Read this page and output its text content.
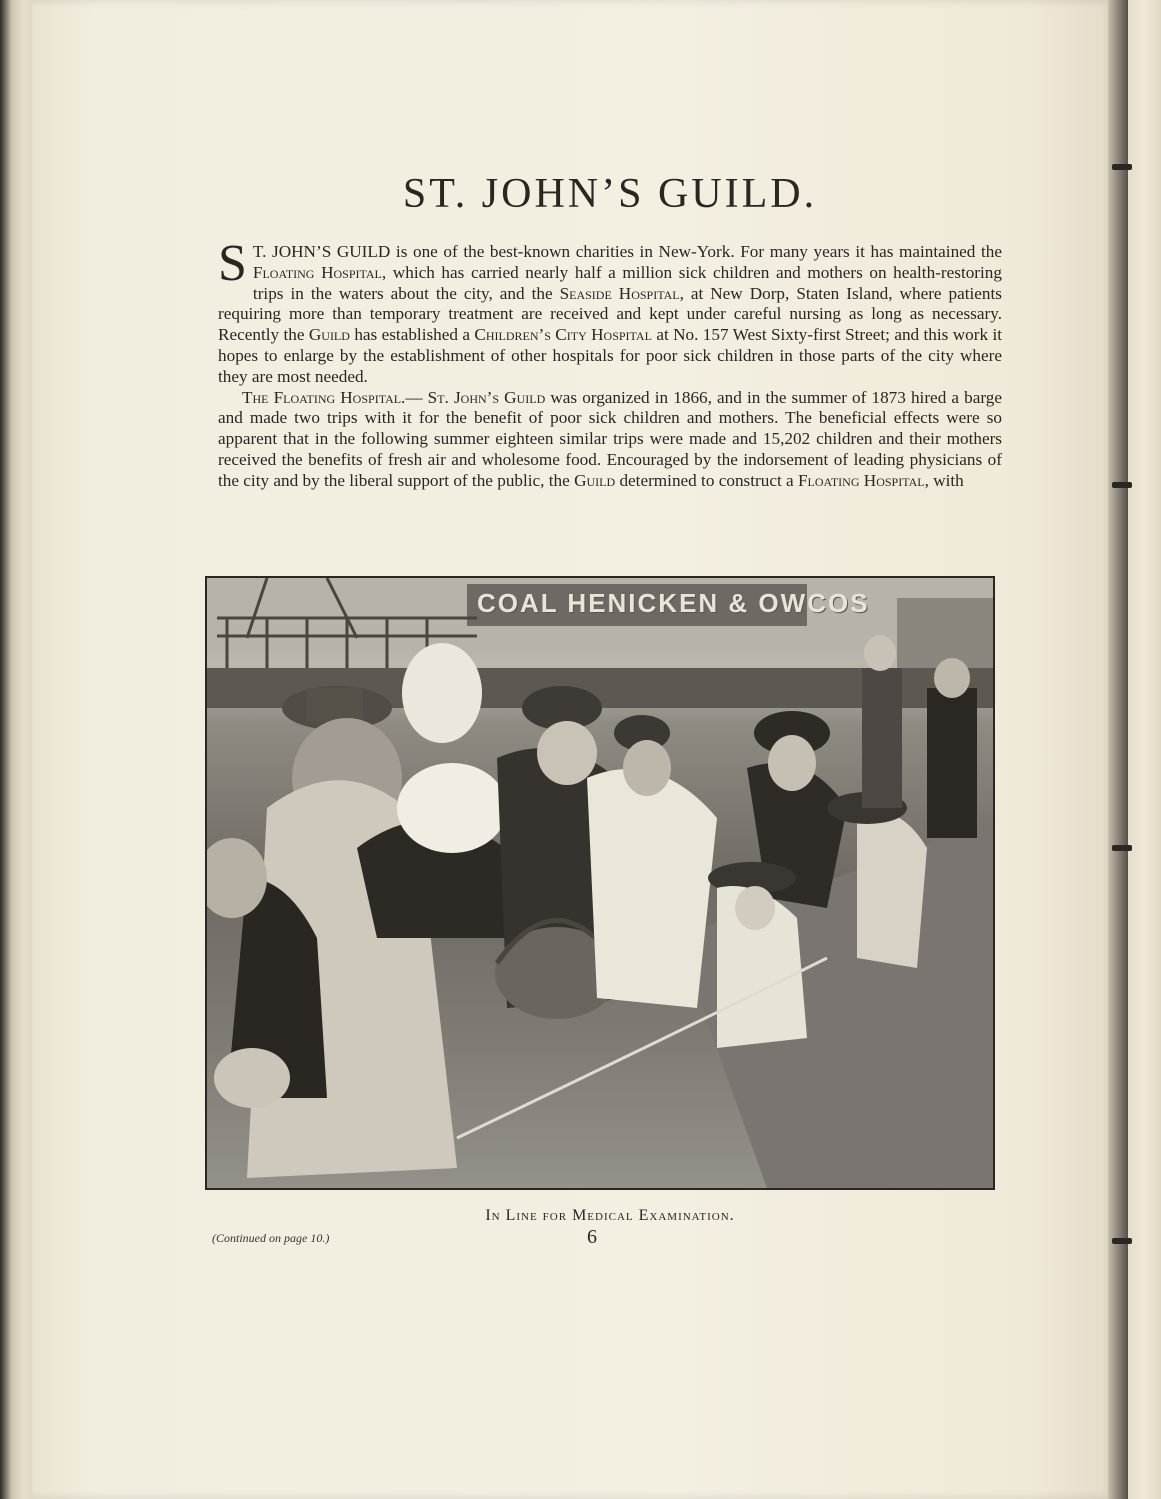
ST. JOHN’S GUILD.

S T. JOHN’S GUILD is one of the best-known charities in New-York. For many years it has maintained the Floating Hospital, which has carried nearly half a million sick children and mothers on health-restoring trips in the waters about the city, and the Seaside Hospital, at New Dorp, Staten Island, where patients requiring more than temporary treatment are received and kept under careful nursing as long as necessary. Recently the Guild has established a Children’s City Hospital at No. 157 West Sixty-first Street; and this work it hopes to enlarge by the establishment of other hospitals for poor sick children in those parts of the city where they are most needed.

The Floating Hospital.— St. John’s Guild was organized in 1866, and in the summer of 1873 hired a barge and made two trips with it for the benefit of poor sick children and mothers. The beneficial effects were so apparent that in the following summer eighteen similar trips were made and 15,202 children and their mothers received the benefits of fresh air and wholesome food. Encouraged by the indorsement of leading physicians of the city and by the liberal support of the public, the Guild determined to construct a Floating Hospital, with

COAL HENICKEN & OWCOS
In Line for Medical Examination.
(Continued on page 10.)	6
